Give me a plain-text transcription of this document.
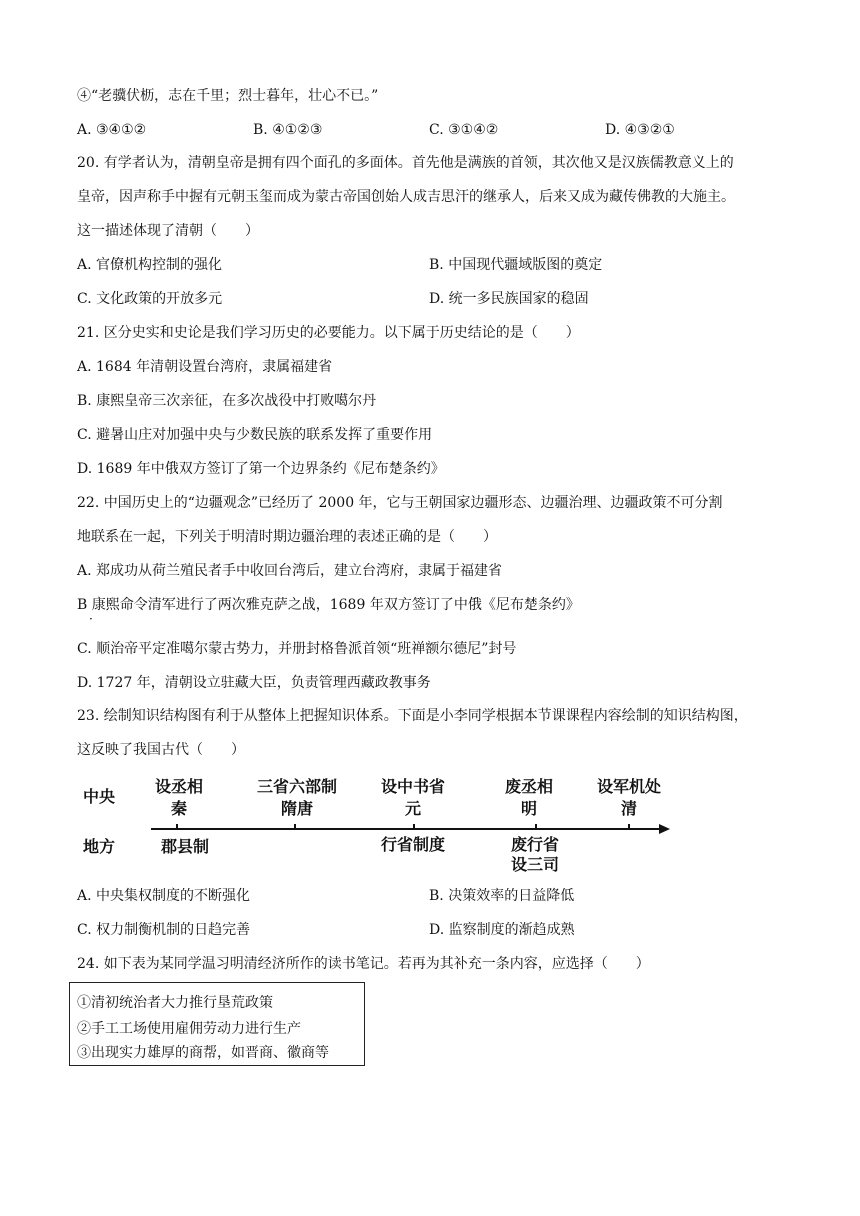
④“老骥伏枥，志在千里；烈士暮年，壮心不已。”
A. ③④①②	B. ④①②③	C. ③①④②	D. ④③②①
20. 有学者认为，清朝皇帝是拥有四个面孔的多面体。首先他是满族的首领，其次他又是汉族儒教意义上的
皇帝，因声称手中握有元朝玉玺而成为蒙古帝国创始人成吉思汗的继承人，后来又成为藏传佛教的大施主。
这一描述体现了清朝（　　）
A. 官僚机构控制的强化	B. 中国现代疆域版图的奠定
C. 文化政策的开放多元	D. 统一多民族国家的稳固
21. 区分史实和史论是我们学习历史的必要能力。以下属于历史结论的是（　　）
A. 1684 年清朝设置台湾府，隶属福建省
B. 康熙皇帝三次亲征，在多次战役中打败噶尔丹
C. 避暑山庄对加强中央与少数民族的联系发挥了重要作用
D. 1689 年中俄双方签订了第一个边界条约《尼布楚条约》
22. 中国历史上的“边疆观念”已经历了 2000 年，它与王朝国家边疆形态、边疆治理、边疆政策不可分割
地联系在一起，下列关于明清时期边疆治理的表述正确的是（　　）
A. 郑成功从荷兰殖民者手中收回台湾后，建立台湾府，隶属于福建省
B 康熙命令清军进行了两次雅克萨之战，1689 年双方签订了中俄《尼布楚条约》
·
C. 顺治帝平定准噶尔蒙古势力，并册封格鲁派首领“班禅额尔德尼”封号
D. 1727 年，清朝设立驻藏大臣，负责管理西藏政教事务
23. 绘制知识结构图有利于从整体上把握知识体系。下面是小李同学根据本节课课程内容绘制的知识结构图，
这反映了我国古代（　　）
中央
地方
设丞相
秦
三省六部制
隋唐
设中书省
元
废丞相
明
设军机处
清
郡县制	行省制度	废行省
设三司
A. 中央集权制度的不断强化	B. 决策效率的日益降低
C. 权力制衡机制的日趋完善	D. 监察制度的渐趋成熟
24. 如下表为某同学温习明清经济所作的读书笔记。若再为其补充一条内容，应选择（　　）
①清初统治者大力推行垦荒政策
②手工工场使用雇佣劳动力进行生产
③出现实力雄厚的商帮，如晋商、徽商等
